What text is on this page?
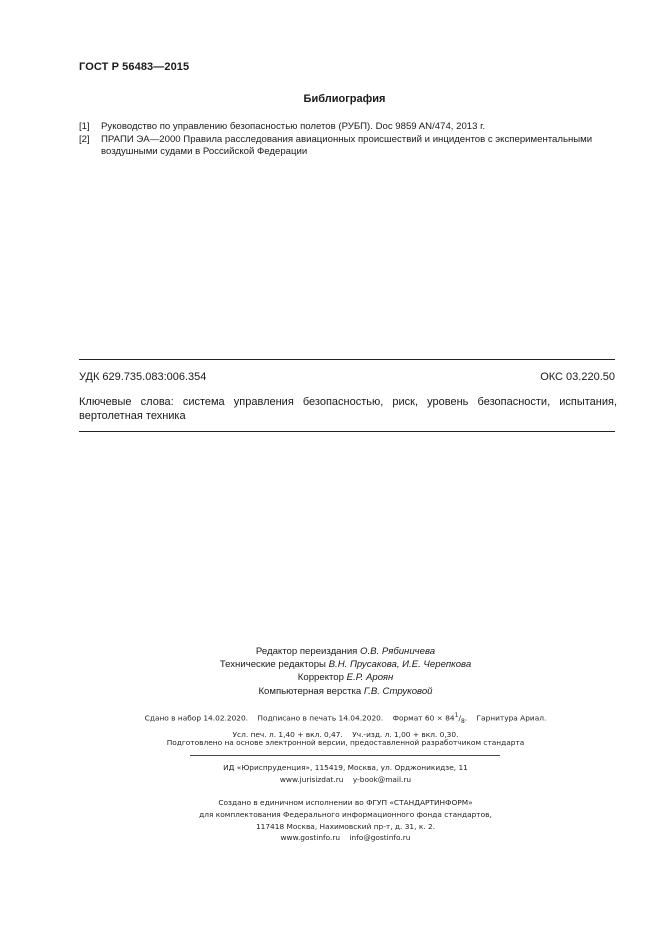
ГОСТ Р 56483—2015
Библиография
[1]	Руководство по управлению безопасностью полетов (РУБП). Doc 9859 AN/474, 2013 г.
[2]	ПРАПИ ЭА—2000 Правила расследования авиационных происшествий и инцидентов с экспериментальными воздушными судами в Российской Федерации
УДК 629.735.083:006.354	ОКС 03.220.50
Ключевые слова: система управления безопасностью, риск, уровень безопасности, испытания, вертолетная техника
Редактор переиздания О.В. Рябиничева
Технические редакторы В.Н. Прусакова, И.Е. Черепкова
Корректор Е.Р. Ароян
Компьютерная верстка Г.В. Струковой
Сдано в набор 14.02.2020.    Подписано в печать 14.04.2020.    Формат $60 \times 84^1/_8$.    Гарнитура Ариал.
Усл. печ. л. 1,40 + вкл. 0,47.    Уч.-изд. л. 1,00 + вкл. 0,30.
Подготовлено на основе электронной версии, предоставленной разработчиком стандарта
ИД «Юриспруденция», 115419, Москва, ул. Орджоникидзе, 11
www.jurisizdat.ru    y-book@mail.ru
Создано в единичном исполнении во ФГУП «СТАНДАРТИНФОРМ»
для комплектования Федерального информационного фонда стандартов,
117418 Москва, Нахимовский пр-т, д. 31, к. 2.
www.gostinfo.ru    info@gostinfo.ru
